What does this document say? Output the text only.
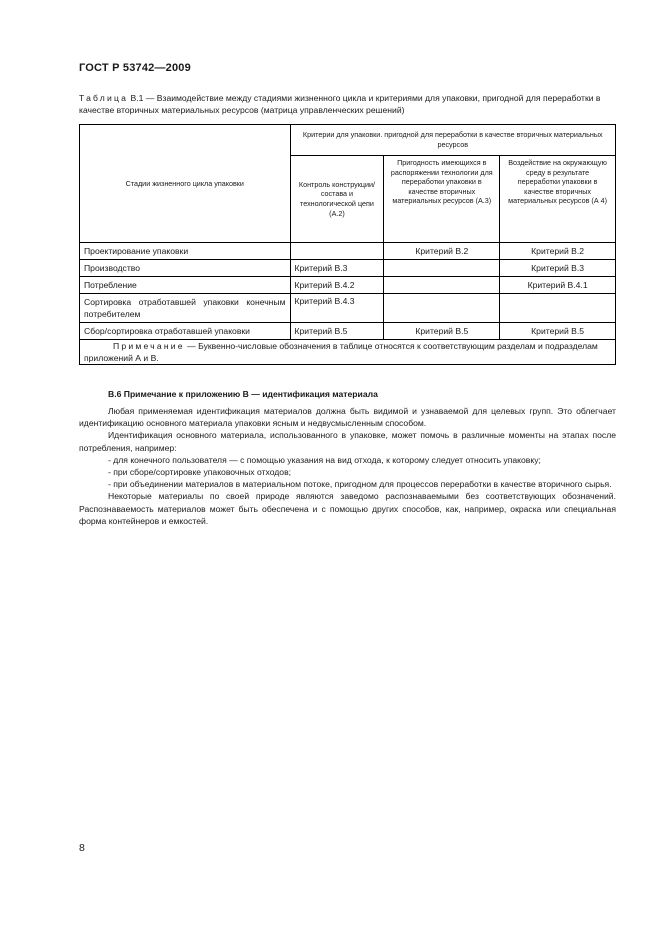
ГОСТ Р 53742—2009
Таблица В.1 — Взаимодействие между стадиями жизненного цикла и критериями для упаковки, пригодной для переработки в качестве вторичных материальных ресурсов (матрица управленческих решений)
Стадии жизненного цикла упаковки	Критерии для упаковки. пригодной для переработки в качестве вторичных материальных ресурсов		
	Контроль конструкции/состава и технологической цепи (А.2)	Пригодность имеющихся в распоряжении технологии для переработки упаковки в качестве вторичных материальных ресурсов (А.3)	Воздействие на окружающую среду в результате переработки упаковки в качестве вторичных материальных ресурсов (А 4)
Проектирование упаковки		Критерий В.2	Критерий В.2
Производство	Критерий В.3		Критерий В.3
Потребление	Критерий В.4.2		Критерий В.4.1
Сортировка отработавшей упаковки конечным потребителем	Критерий В.4.3		
Сбор/сортировка отработавшей упаковки	Критерий В.5	Критерий В.5	Критерий В.5
Примечание — Буквенно-числовые обозначения в таблице относятся к соответствующим разделам и подразделам приложений А и В.			
В.6 Примечание к приложению В — идентификация материала

Любая применяемая идентификация материалов должна быть видимой и узнаваемой для целевых групп. Это облегчает идентификацию основного материала упаковки ясным и недвусмысленным способом.

Идентификация основного материала, использованного в упаковке, может помочь в различные моменты на этапах после потребления, например:

- для конечного пользователя — с помощью указания на вид отхода, к которому следует относить упаковку;

- при сборе/сортировке упаковочных отходов;

- при объединении материалов в материальном потоке, пригодном для процессов переработки в качестве вторичного сырья.

Некоторые материалы по своей природе являются заведомо распознаваемыми без соответствующих обозначений. Распознаваемость материалов может быть обеспечена и с помощью других способов, как, например, окраска или специальная форма контейнеров и емкостей.

8
